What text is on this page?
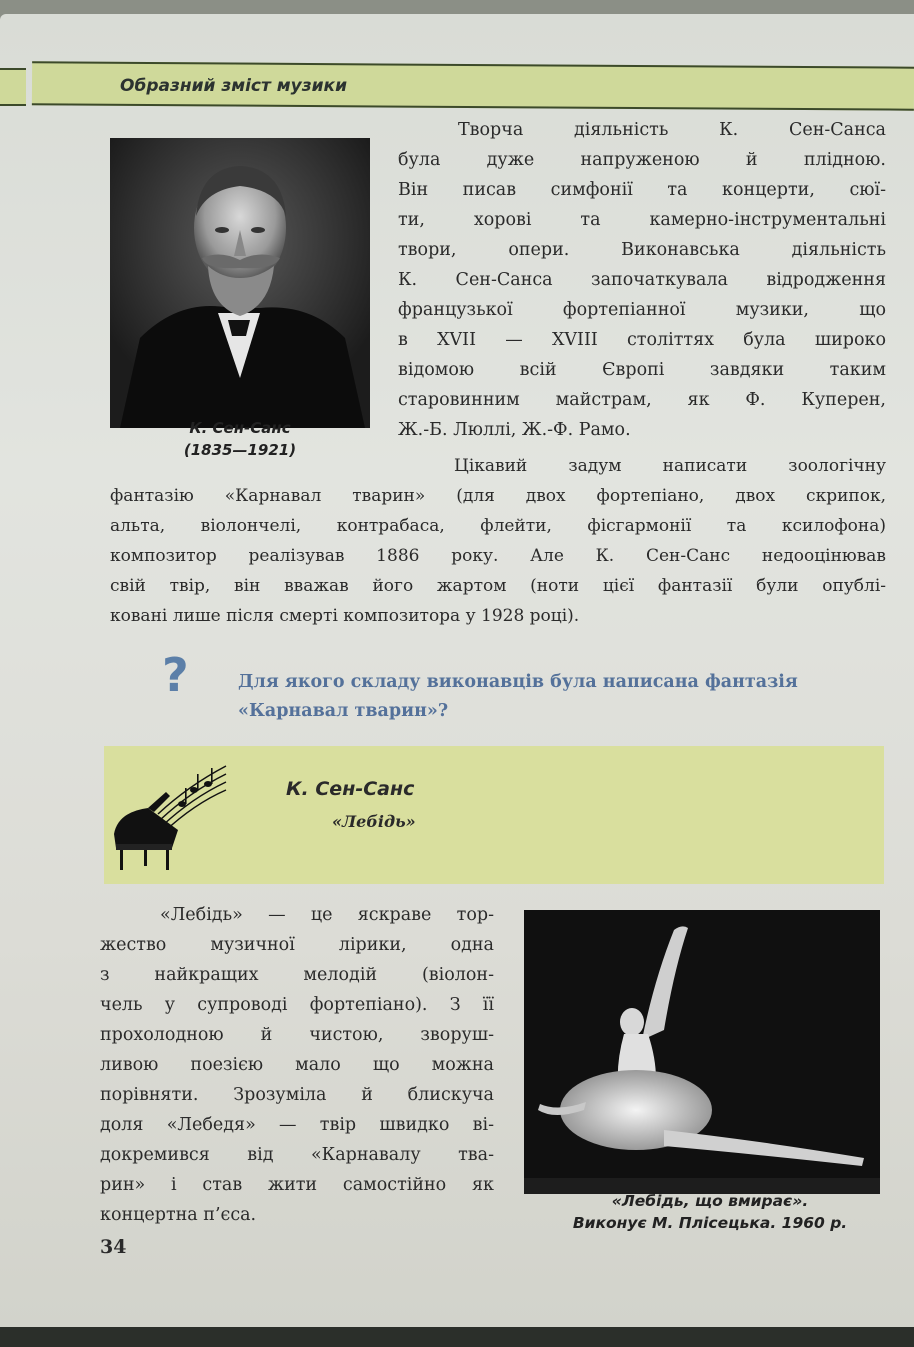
Образний зміст музики
К. Сен-Санс
(1835—1921)
Творча діяльність К. Сен-Санса
була дуже напруженою й плідною.
Він писав симфонії та концерти, сюї-
ти, хорові та камерно-інструментальні
твори, опери. Виконавська діяльність
К. Сен-Санса започаткувала відродження
французької фортепіанної музики, що
в XVII — XVIII століттях була широко
відомою всій Європі завдяки таким
старовинним майстрам, як Ф. Куперен,
Ж.-Б. Люллі, Ж.-Ф. Рамо.
Цікавий задум написати зоологічну
фантазію «Карнавал тварин» (для двох фортепіано, двох скрипок,
альта, віолончелі, контрабаса, флейти, фісгармонії та ксилофона)
композитор реалізував 1886 року. Але К. Сен-Санс недооцінював
свій твір, він вважав його жартом (ноти цієї фантазії були опублі-
ковані лише після смерті композитора у 1928 році).
?	Для якого складу виконавців була написана фантазія
«Карнавал тварин»?
К. Сен-Санс
«Лебідь»
«Лебідь» — це яскраве тор-
жество музичної лірики, одна
з найкращих мелодій (віолон-
чель у супроводі фортепіано). З її
прохолодною й чистою, зворуш-
ливою поезією мало що можна
порівняти. Зрозуміла й блискуча
доля «Лебедя» — твір швидко ві-
докремився від «Карнавалу тва-
рин» і став жити самостійно як
концертна п’єса.
«Лебідь, що вмирає».
Виконує М. Плісецька. 1960 р.
34
